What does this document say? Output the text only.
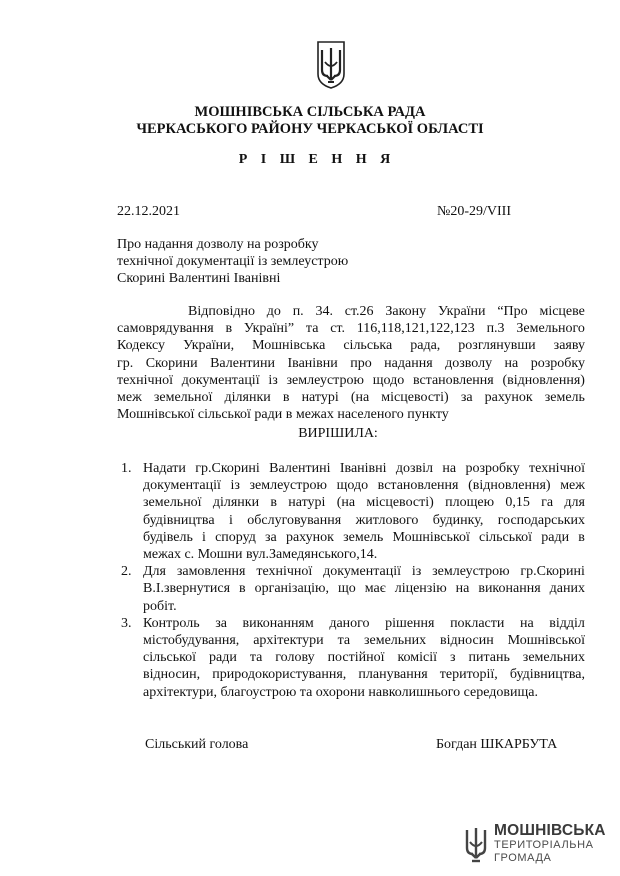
МОШНІВСЬКА СІЛЬСЬКА РАДА
ЧЕРКАСЬКОГО РАЙОНУ ЧЕРКАСЬКОЇ ОБЛАСТІ
Р І Ш Е Н Н Я
22.12.2021	№20-29/VIII
Про надання дозволу на розробку
технічної документації із землеустрою
Скорині Валентині Іванівні
Відповідно до п. 34. ст.26 Закону України “Про місцеве
самоврядування в Україні” та ст. 116,118,121,122,123 п.3 Земельного
Кодексу України, Мошнівська сільська рада, розглянувши заяву
гр. Скорини Валентини Іванівни про надання дозволу на розробку
технічної документації із землеустрою щодо встановлення (відновлення)
меж земельної ділянки в натурі (на місцевості) за рахунок земель
Мошнівської сільської ради в межах населеного пункту
ВИРІШИЛА:
1. Надати гр.Скорині Валентині Іванівні дозвіл на розробку технічної
документації із землеустрою щодо встановлення (відновлення) меж
земельної ділянки в натурі (на місцевості) площею 0,15 га для
будівництва і обслуговування житлового будинку, господарських
будівель і споруд за рахунок земель Мошнівської сільської ради в
межах с. Мошни вул.Замедянського,14.
2. Для замовлення технічної документації із землеустрою гр.Скорині
В.І.звернутися в організацію, що має ліцензію на виконання даних
робіт.
3. Контроль за виконанням даного рішення покласти на відділ
містобудування, архітектури та земельних відносин Мошнівської
сільської ради та голову постійної комісії з питань земельних
відносин, природокористування, планування території, будівництва,
архітектури, благоустрою та охорони навколишнього середовища.
Сільський голова	Богдан ШКАРБУТА
МОШНІВСЬКА
ТЕРИТОРІАЛЬНА
ГРОМАДА
